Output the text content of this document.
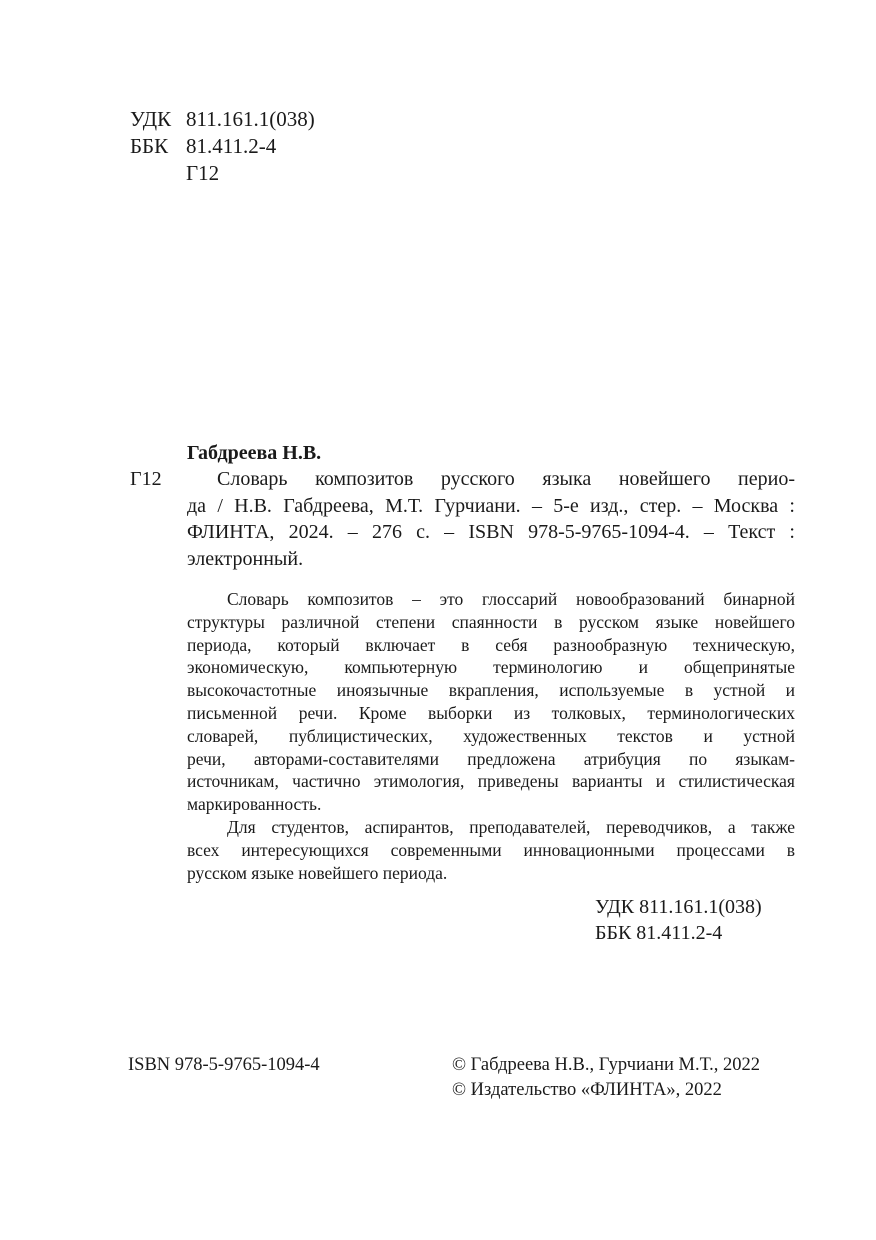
УДК 811.161.1(038)
ББК 81.411.2-4
Г12
Габдреева Н.В.
Г12	Словарь композитов русского языка новейшего перио-
да / Н.В. Габдреева, М.Т. Гурчиани. – 5-е изд., стер. – Москва :
ФЛИНТА, 2024. – 276 с. – ISBN 978-5-9765-1094-4. – Текст :
электронный.
Словарь композитов – это глоссарий новообразований бинарной
структуры различной степени спаянности в русском языке новейшего
периода, который включает в себя разнообразную техническую,
экономическую, компьютерную терминологию и общепринятые
высокочастотные иноязычные вкрапления, используемые в устной и
письменной речи. Кроме выборки из толковых, терминологических
словарей, публицистических, художественных текстов и устной
речи, авторами-составителями предложена атрибуция по языкам-
источникам, частично этимология, приведены варианты и стилистическая
маркированность.
Для студентов, аспирантов, преподавателей, переводчиков, а также
всех интересующихся современными инновационными процессами в
русском языке новейшего периода.
УДК 811.161.1(038)
ББК 81.411.2-4
ISBN 978-5-9765-1094-4	© Габдреева Н.В., Гурчиани М.Т., 2022
© Издательство «ФЛИНТА», 2022
